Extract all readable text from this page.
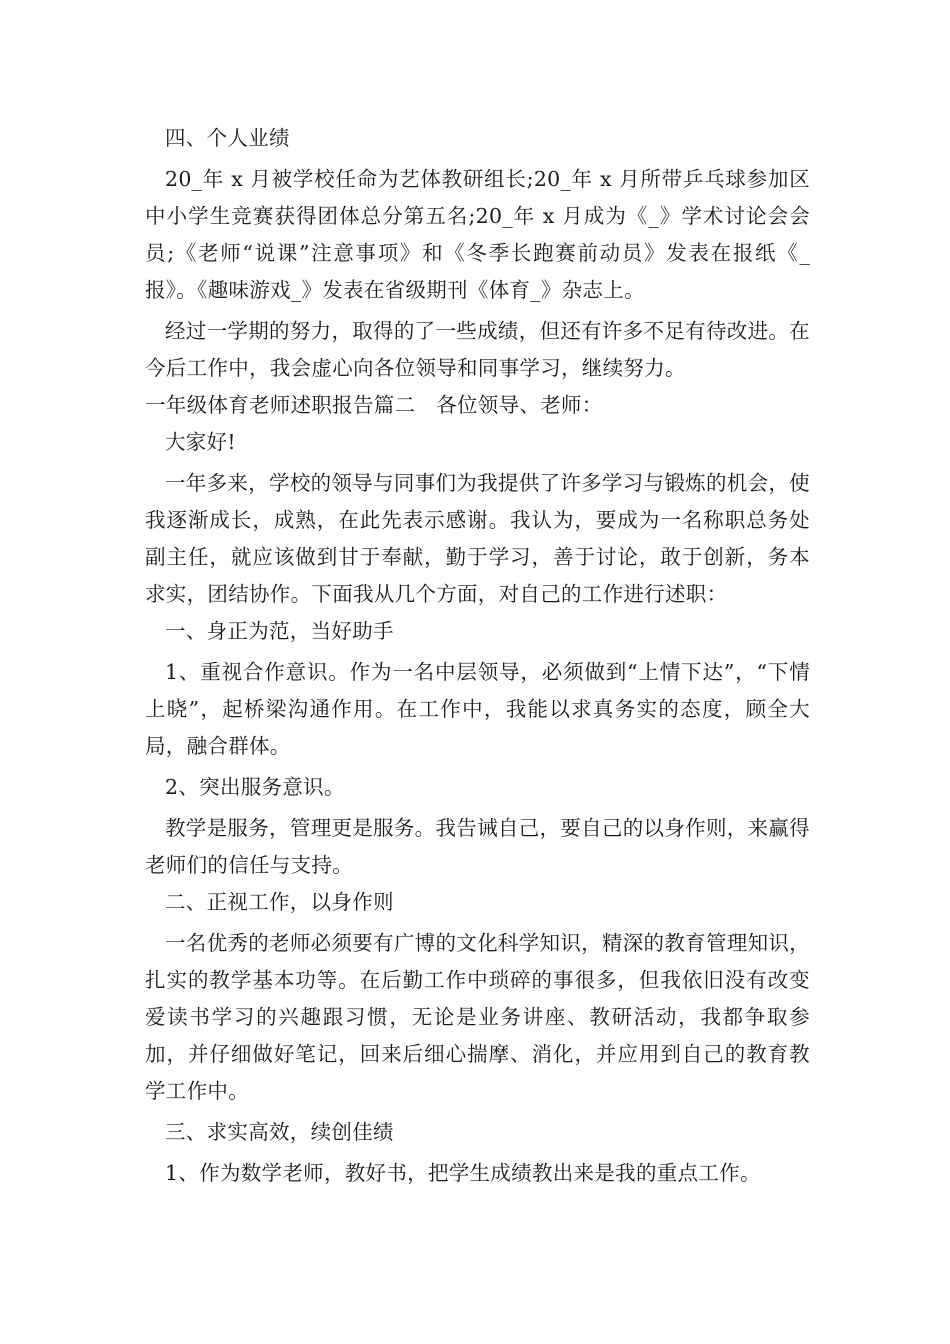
四、个人业绩

20_年 x 月被学校任命为艺体教研组长;20_年 x 月所带乒乓球参加区中小学生竞赛获得团体总分第五名;20_年 x 月成为《_》学术讨论会会员;《老师“说课”注意事项》和《冬季长跑赛前动员》发表在报纸《_报》。《趣味游戏_》发表在省级期刊《体育_》杂志上。

经过一学期的努力，取得的了一些成绩，但还有许多不足有待改进。在今后工作中，我会虚心向各位领导和同事学习，继续努力。

一年级体育老师述职报告篇二　各位领导、老师：

大家好!

一年多来，学校的领导与同事们为我提供了许多学习与锻炼的机会，使我逐渐成长，成熟，在此先表示感谢。我认为，要成为一名称职总务处副主任，就应该做到甘于奉献，勤于学习，善于讨论，敢于创新，务本求实，团结协作。下面我从几个方面，对自己的工作进行述职：

一、身正为范，当好助手

1、重视合作意识。作为一名中层领导，必须做到“上情下达”，“下情上晓”，起桥梁沟通作用。在工作中，我能以求真务实的态度，顾全大局，融合群体。

2、突出服务意识。

教学是服务，管理更是服务。我告诫自己，要自己的以身作则，来赢得老师们的信任与支持。

二、正视工作，以身作则

一名优秀的老师必须要有广博的文化科学知识，精深的教育管理知识，扎实的教学基本功等。在后勤工作中琐碎的事很多，但我依旧没有改变爱读书学习的兴趣跟习惯，无论是业务讲座、教研活动，我都争取参加，并仔细做好笔记，回来后细心揣摩、消化，并应用到自己的教育教学工作中。

三、求实高效，续创佳绩

1、作为数学老师，教好书，把学生成绩教出来是我的重点工作。
